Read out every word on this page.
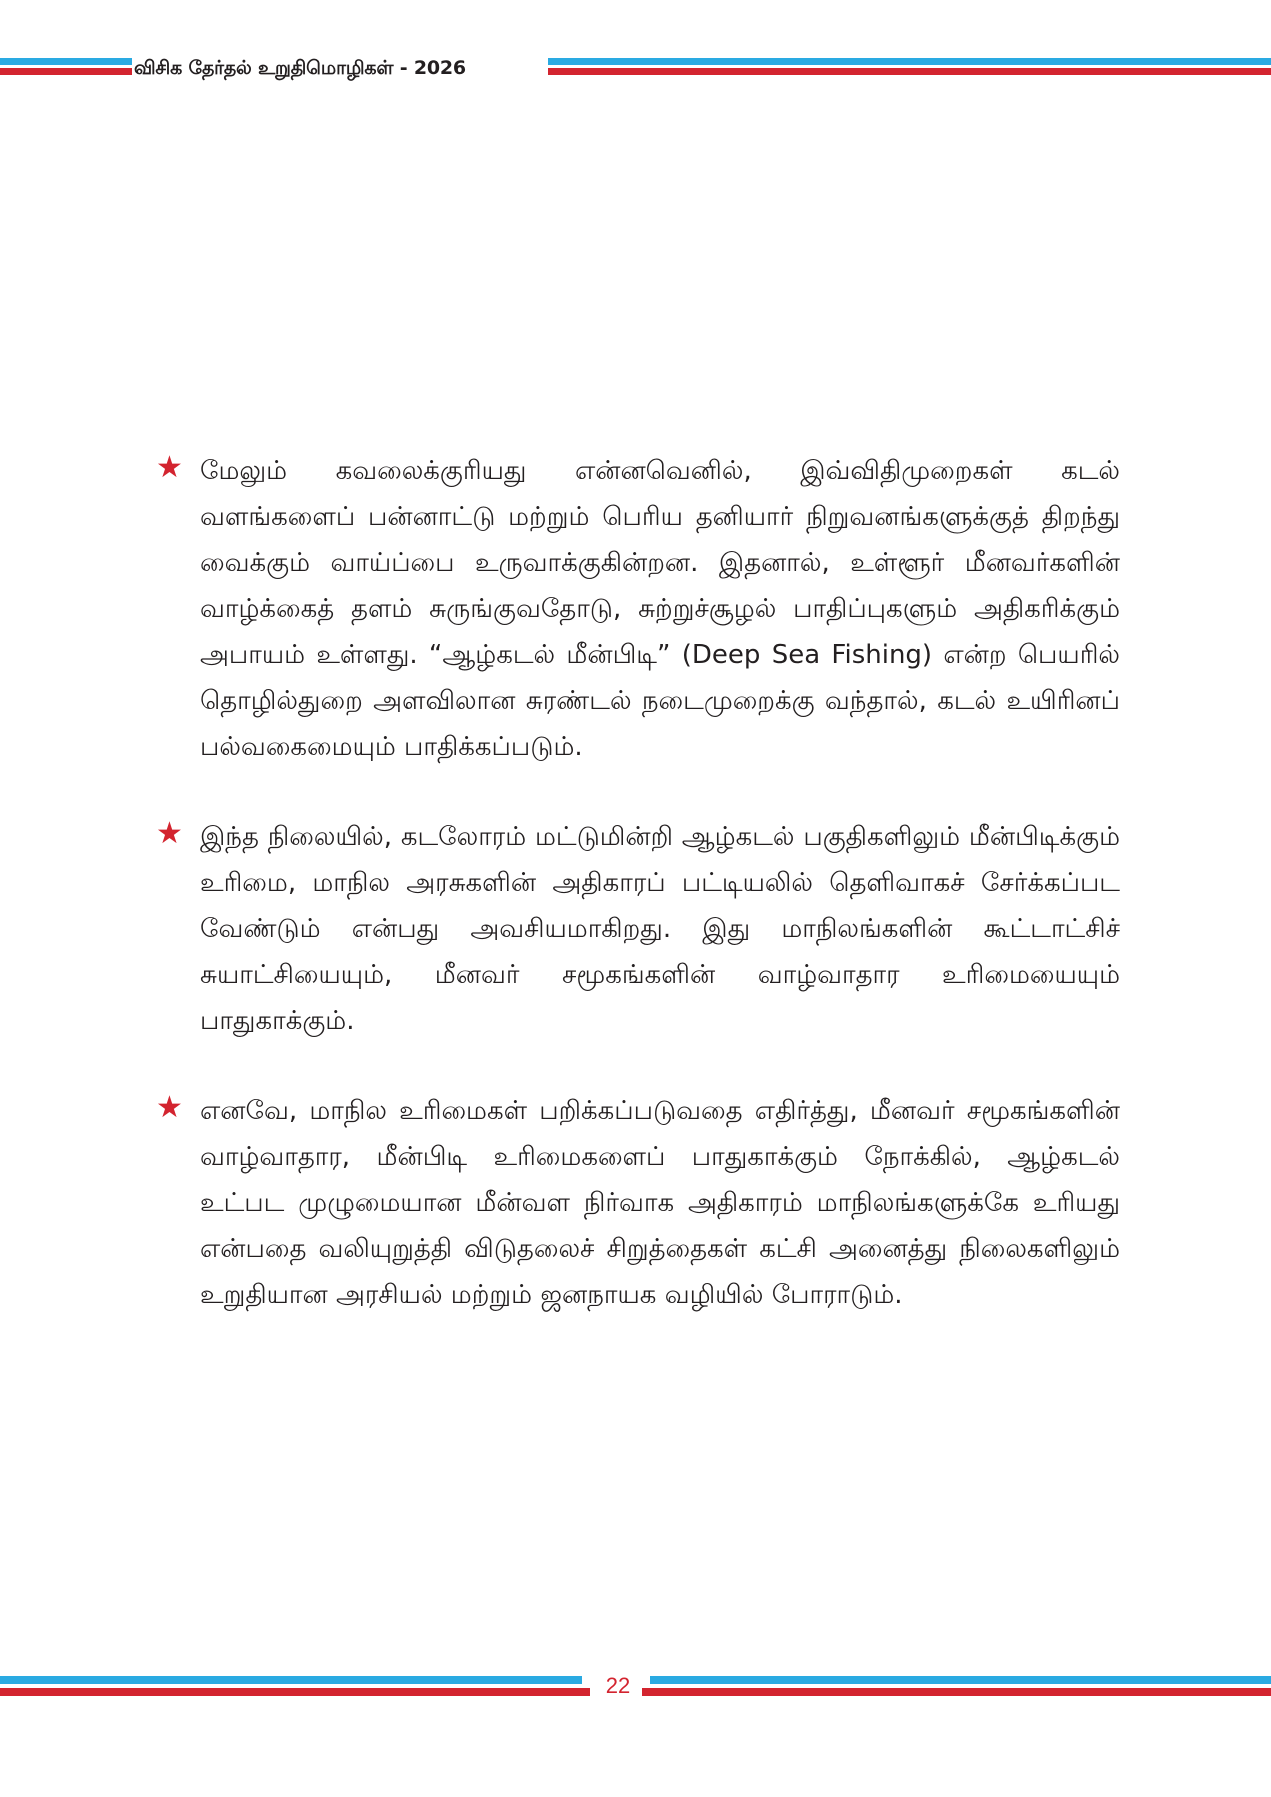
விசிக தேர்தல் உறுதிமொழிகள் - 2026
★ மேலும் கவலைக்குரியது என்னவெனில், இவ்விதிமுறைகள் கடல் வளங்களைப் பன்னாட்டு மற்றும் பெரிய தனியார் நிறுவனங்களுக்குத் திறந்து வைக்கும் வாய்ப்பை உருவாக்குகின்றன. இதனால், உள்ளூர் மீனவர்களின் வாழ்க்கைத் தளம் சுருங்குவதோடு, சுற்றுச்சூழல் பாதிப்புகளும் அதிகரிக்கும் அபாயம் உள்ளது. “ஆழ்கடல் மீன்பிடி” (Deep Sea Fishing) என்ற பெயரில் தொழில்துறை அளவிலான சுரண்டல் நடைமுறைக்கு வந்தால், கடல் உயிரினப் பல்வகைமையும் பாதிக்கப்படும்.
★ இந்த நிலையில், கடலோரம் மட்டுமின்றி ஆழ்கடல் பகுதிகளிலும் மீன்பிடிக்கும் உரிமை, மாநில அரசுகளின் அதிகாரப் பட்டியலில் தெளிவாகச் சேர்க்கப்பட வேண்டும் என்பது அவசியமாகிறது. இது மாநிலங்களின் கூட்டாட்சிச் சுயாட்சியையும், மீனவர் சமூகங்களின் வாழ்வாதார உரிமையையும் பாதுகாக்கும்.
★ எனவே, மாநில உரிமைகள் பறிக்கப்படுவதை எதிர்த்து, மீனவர் சமூகங்களின் வாழ்வாதார, மீன்பிடி உரிமைகளைப் பாதுகாக்கும் நோக்கில், ஆழ்கடல் உட்பட முழுமையான மீன்வள நிர்வாக அதிகாரம் மாநிலங்களுக்கே உரியது என்பதை வலியுறுத்தி விடுதலைச் சிறுத்தைகள் கட்சி அனைத்து நிலைகளிலும் உறுதியான அரசியல் மற்றும் ஜனநாயக வழியில் போராடும்.
22
